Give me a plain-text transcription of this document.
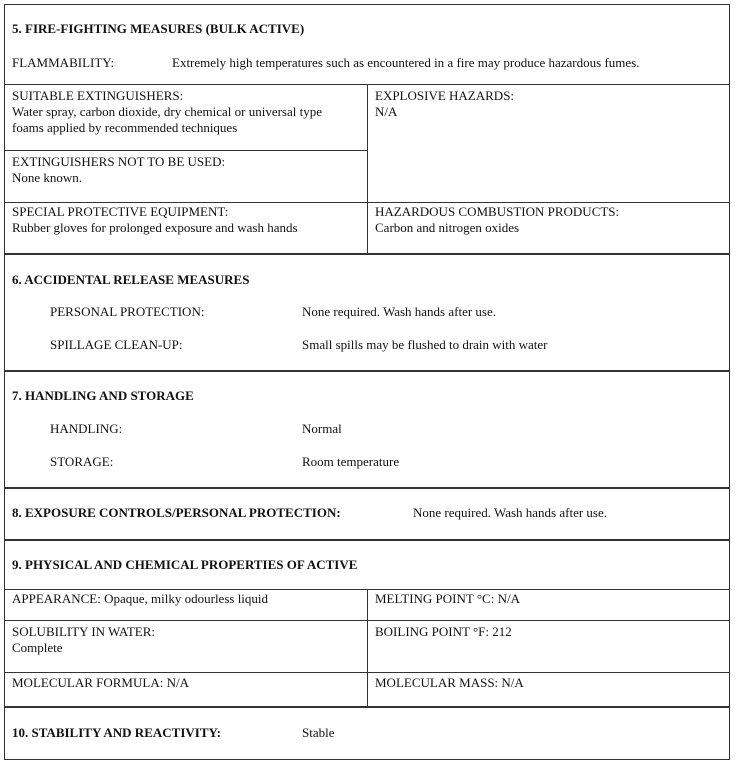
5. FIRE-FIGHTING MEASURES (BULK ACTIVE)
FLAMMABILITY:	Extremely high temperatures such as encountered in a fire may produce hazardous fumes.
SUITABLE EXTINGUISHERS:
Water spray, carbon dioxide, dry chemical or universal type
foams applied by recommended techniques
EXPLOSIVE HAZARDS:
N/A
EXTINGUISHERS NOT TO BE USED:
None known.
SPECIAL PROTECTIVE EQUIPMENT:
Rubber gloves for prolonged exposure and wash hands
HAZARDOUS COMBUSTION PRODUCTS:
Carbon and nitrogen oxides
6. ACCIDENTAL RELEASE MEASURES
PERSONAL PROTECTION:	None required. Wash hands after use.
SPILLAGE CLEAN-UP:	Small spills may be flushed to drain with water
7. HANDLING AND STORAGE
HANDLING:	Normal
STORAGE:	Room temperature
8. EXPOSURE CONTROLS/PERSONAL PROTECTION:	None required. Wash hands after use.
9. PHYSICAL AND CHEMICAL PROPERTIES OF ACTIVE
APPEARANCE: Opaque, milky odourless liquid	MELTING POINT °C: N/A
SOLUBILITY IN WATER:
Complete
BOILING POINT °F: 212
MOLECULAR FORMULA: N/A	MOLECULAR MASS: N/A
10. STABILITY AND REACTIVITY:	Stable
